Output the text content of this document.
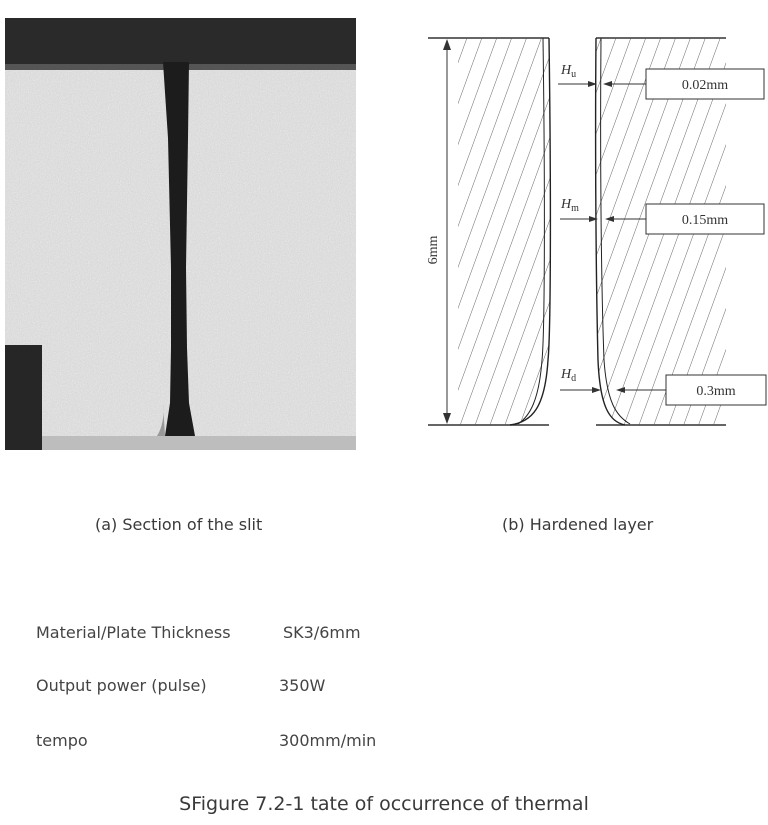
0.02mm
0.15mm
0.3mm
$H_u$
$H_m$
$H_d$
6mm
(a) Section of the slit	(b) Hardened layer
Material/Plate Thickness	SK3/6mm
Output power (pulse)	350W
tempo	300mm/min
SFigure 7.2-1 tate of occurrence of thermal
